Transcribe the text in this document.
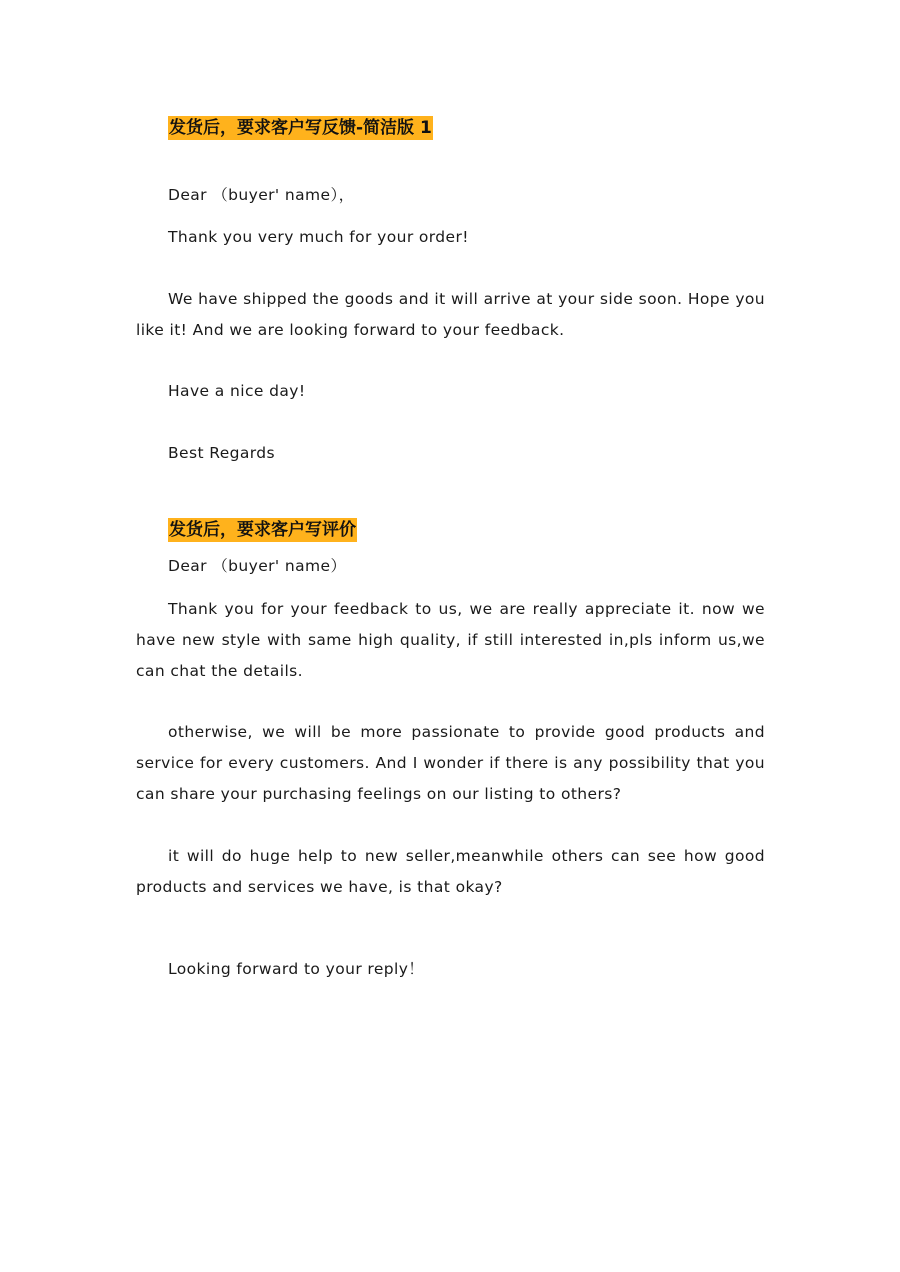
发货后，要求客户写反馈-简洁版 1

Dear （buyer' name），

Thank you very much for your order!

We have shipped the goods and it will arrive at your side soon. Hope you like it! And we are looking forward to your feedback.

Have a nice day!

Best Regards

发货后，要求客户写评价

Dear （buyer' name）

Thank you for your feedback to us, we are really appreciate it. now we have new style with same high quality, if still interested in,pls inform us,we can chat the details.

otherwise, we will be more passionate to provide good products and service for every customers. And I wonder if there is any possibility that you can share your purchasing feelings on our listing to others?

it will do huge help to new seller,meanwhile others can see how good products and services we have, is that okay?

Looking forward to your reply！
